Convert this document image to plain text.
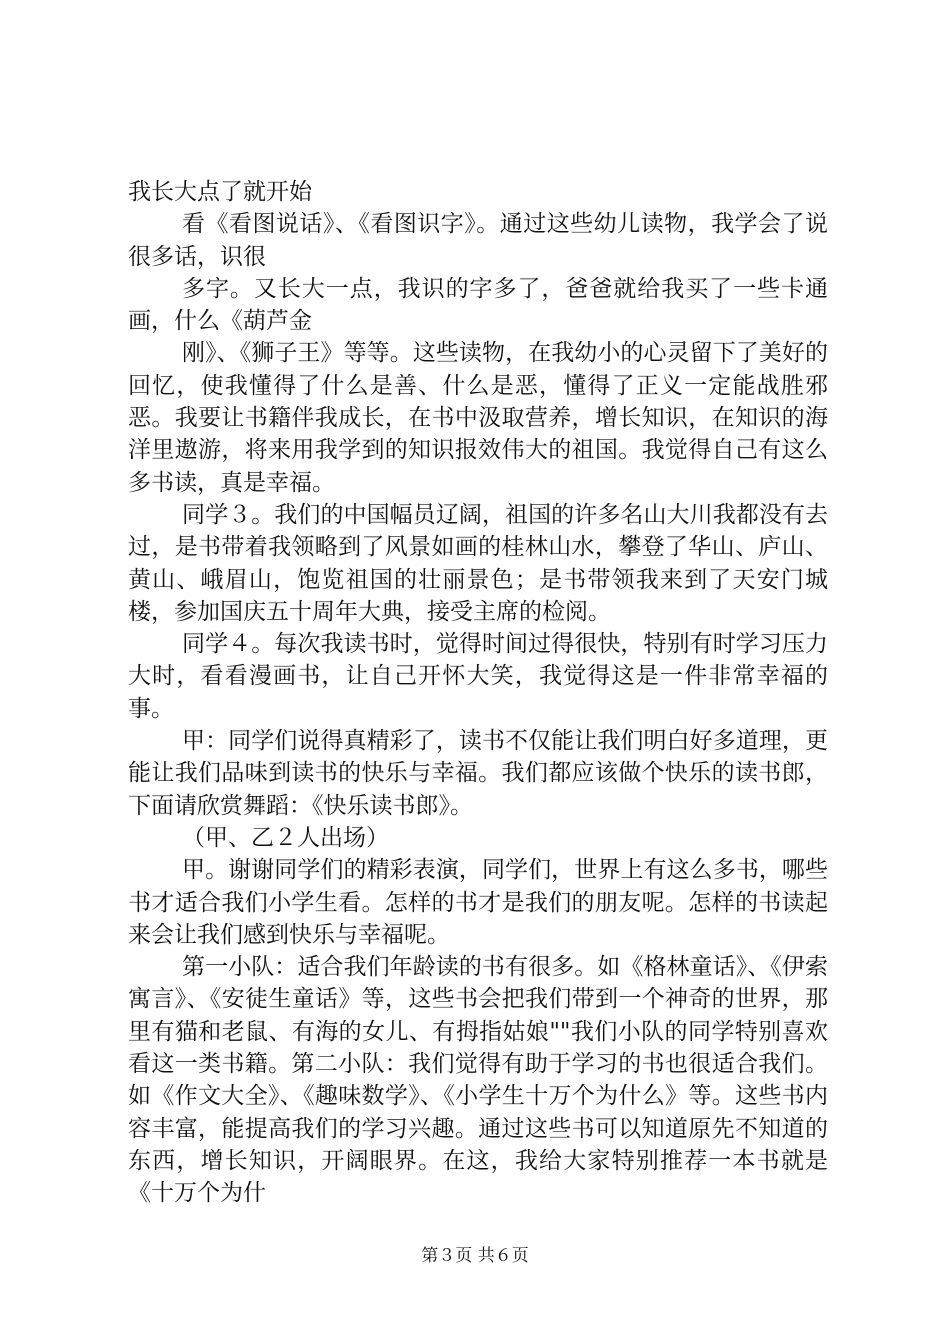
我长大点了就开始

看《看图说话》、《看图识字》。通过这些幼儿读物，我学会了说很多话，识很

多字。又长大一点，我识的字多了，爸爸就给我买了一些卡通画，什么《葫芦金

刚》、《狮子王》等等。这些读物，在我幼小的心灵留下了美好的回忆，使我懂得了什么是善、什么是恶，懂得了正义一定能战胜邪恶。我要让书籍伴我成长，在书中汲取营养，增长知识，在知识的海洋里遨游，将来用我学到的知识报效伟大的祖国。我觉得自己有这么多书读，真是幸福。

同学３。我们的中国幅员辽阔，祖国的许多名山大川我都没有去过，是书带着我领略到了风景如画的桂林山水，攀登了华山、庐山、黄山、峨眉山，饱览祖国的壮丽景色；是书带领我来到了天安门城楼，参加国庆五十周年大典，接受主席的检阅。

同学４。每次我读书时，觉得时间过得很快，特别有时学习压力大时，看看漫画书，让自己开怀大笑，我觉得这是一件非常幸福的事。

甲：同学们说得真精彩了，读书不仅能让我们明白好多道理，更能让我们品味到读书的快乐与幸福。我们都应该做个快乐的读书郎，下面请欣赏舞蹈：《快乐读书郎》。

（甲、乙２人出场）

甲。谢谢同学们的精彩表演，同学们，世界上有这么多书，哪些书才适合我们小学生看。怎样的书才是我们的朋友呢。怎样的书读起来会让我们感到快乐与幸福呢。

第一小队：适合我们年龄读的书有很多。如《格林童话》、《伊索寓言》、《安徒生童话》等，这些书会把我们带到一个神奇的世界，那里有猫和老鼠、有海的女儿、有拇指姑娘""我们小队的同学特别喜欢看这一类书籍。第二小队：我们觉得有助于学习的书也很适合我们。如《作文大全》、《趣味数学》、《小学生十万个为什么》等。这些书内容丰富，能提高我们的学习兴趣。通过这些书可以知道原先不知道的东西，增长知识，开阔眼界。在这，我给大家特别推荐一本书就是《十万个为什

第３页 共６页
